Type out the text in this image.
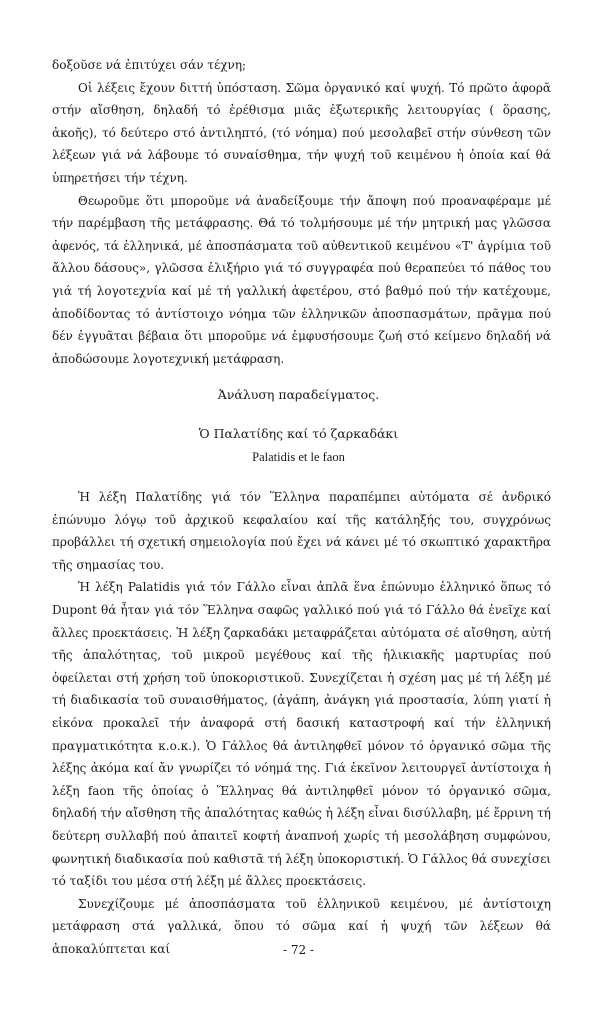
δοξοῦσε νά ἐπιτύχει σάν τέχνη;

Οἱ λέξεις ἔχουν διττή ὑπόσταση. Σῶμα ὀργανικό καί ψυχή. Τό πρῶτο ἀφορᾶ στήν αἴσθηση, δηλαδή τό ἐρέθισμα μιᾶς ἐξωτερικῆς λειτουργίας ( ὅρασης, ἀκοῆς), τό δεύτερο στό ἀντιληπτό, (τό νόημα) πού μεσολαβεῖ στήν σύνθεση τῶν λέξεων γιά νά λάβουμε τό συναίσθημα, τήν ψυχή τοῦ κειμένου ἡ ὁποία καί θά ὑπηρετήσει τήν τέχνη.

Θεωροῦμε ὅτι μποροῦμε νά ἀναδείξουμε τήν ἄποψη πού προαναφέραμε μέ τήν παρέμβαση τῆς μετάφρασης. Θά τό τολμήσουμε μέ τήν μητρική μας γλῶσσα ἀφενός, τά ἑλληνικά, μέ ἀποσπάσματα τοῦ αὐθεντικοῦ κειμένου «Τ' ἀγρίμια τοῦ ἄλλου δάσους», γλῶσσα ἐλιξήριο γιά τό συγγραφέα πού θεραπεύει τό πάθος του γιά τή λογοτεχνία καί μέ τή γαλλική ἀφετέρου, στό βαθμό πού τήν κατέχουμε, ἀποδίδοντας τό ἀντίστοιχο νόημα τῶν ἑλληνικῶν ἀποσπασμάτων, πρᾶγμα πού δέν ἐγγυᾶται βέβαια ὅτι μποροῦμε νά ἐμφυσήσουμε ζωή στό κείμενο δηλαδή νά ἀποδώσουμε λογοτεχνική μετάφραση.

Ἀνάλυση παραδείγματος.
Ὁ Παλατίδης καί τό ζαρκαδάκι
Palatidis et le faon

Ἡ λέξη Παλατίδης γιά τόν Ἕλληνα παραπέμπει αὐτόματα σέ ἀνδρικό ἐπώνυμο λόγῳ τοῦ ἀρχικοῦ κεφαλαίου καί τῆς κατάληξής του, συγχρόνως προβάλλει τή σχετική σημειολογία πού ἔχει νά κάνει μέ τό σκωπτικό χαρακτῆρα τῆς σημασίας του.

Ἡ λέξη Palatidis γιά τόν Γάλλο εἶναι ἁπλᾶ ἕνα ἐπώνυμο ἑλληνικό ὅπως τό Dupont θά ἦταν γιά τόν Ἕλληνα σαφῶς γαλλικό πού γιά τό Γάλλο θά ἐνεῖχε καί ἄλλες προεκτάσεις. Ἡ λέξη ζαρκαδάκι μεταφράζεται αὐτόματα σέ αἴσθηση, αὐτή τῆς ἁπαλότητας, τοῦ μικροῦ μεγέθους καί τῆς ἡλικιακῆς μαρτυρίας πού ὀφείλεται στή χρήση τοῦ ὑποκοριστικοῦ. Συνεχίζεται ἡ σχέση μας μέ τή λέξη μέ τή διαδικασία τοῦ συναισθήματος, (ἀγάπη, ἀνάγκη γιά προστασία, λύπη γιατί ἡ εἰκόνα προκαλεῖ τήν ἀναφορά στή δασική καταστροφή καί τήν ἑλληνική πραγματικότητα κ.ο.κ.). Ὁ Γάλλος θά ἀντιληφθεῖ μόνον τό ὀργανικό σῶμα τῆς λέξης ἀκόμα καί ἄν γνωρίζει τό νόημά της. Γιά ἐκεῖνον λειτουργεῖ ἀντίστοιχα ἡ λέξη faon τῆς ὁποίας ὁ Ἕλληνας θά ἀντιληφθεῖ μόνον τό ὀργανικό σῶμα, δηλαδή τήν αἴσθηση τῆς ἁπαλότητας καθώς ἡ λέξη εἶναι δισύλλαβη, μέ ἔρρινη τή δεύτερη συλλαβή πού ἀπαιτεῖ κοφτή ἀναπνοή χωρίς τή μεσολάβηση συμφώνου, φωνητική διαδικασία πού καθιστᾶ τή λέξη ὑποκοριστική. Ὁ Γάλλος θά συνεχίσει τό ταξίδι του μέσα στή λέξη μέ ἄλλες προεκτάσεις.

Συνεχίζουμε μέ ἀποσπάσματα τοῦ ἑλληνικοῦ κειμένου, μέ ἀντίστοιχη μετάφραση στά γαλλικά, ὅπου τό σῶμα καί ἡ ψυχή τῶν λέξεων θά ἀποκαλύπτεται καί	- 72 -
